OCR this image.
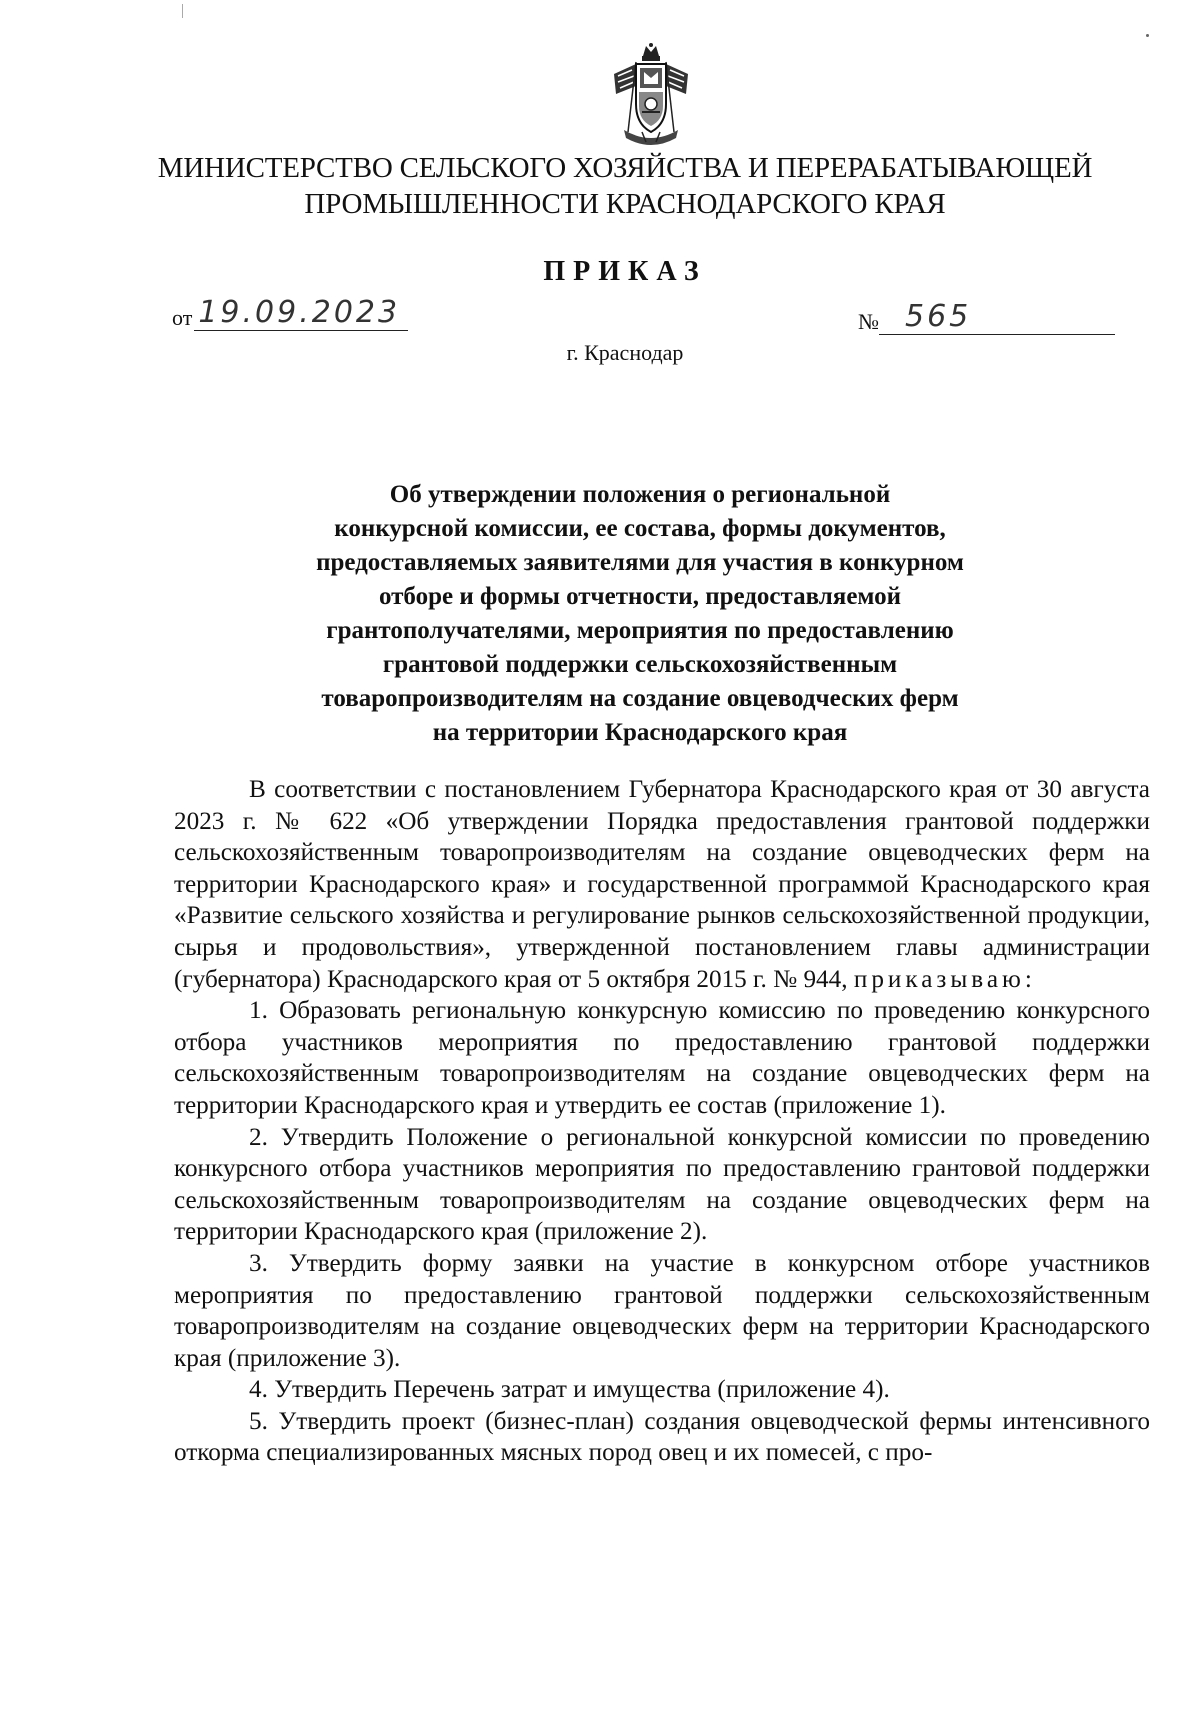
МИНИСТЕРСТВО СЕЛЬСКОГО ХОЗЯЙСТВА И ПЕРЕРАБАТЫВАЮЩЕЙ
ПРОМЫШЛЕННОСТИ КРАСНОДАРСКОГО КРАЯ
ПРИКАЗ
от 19.09.2023	№ 565
г. Краснодар
Об утверждении положения о региональной
конкурсной комиссии, ее состава, формы документов,
предоставляемых заявителями для участия в конкурном
отборе и формы отчетности, предоставляемой
грантополучателями, мероприятия по предоставлению
грантовой поддержки сельскохозяйственным
товаропроизводителям на создание овцеводческих ферм
на территории Краснодарского края

В соответствии с постановлением Губернатора Краснодарского края от 30 августа 2023 г. № 622 «Об утверждении Порядка предоставления грантовой поддержки сельскохозяйственным товаропроизводителям на создание овцеводческих ферм на территории Краснодарского края» и государственной программой Краснодарского края «Развитие сельского хозяйства и регулирование рынков сельскохозяйственной продукции, сырья и продовольствия», утвержденной постановлением главы администрации (губернатора) Краснодарского края от 5 октября 2015 г. № 944, приказываю:

1. Образовать региональную конкурсную комиссию по проведению конкурсного отбора участников мероприятия по предоставлению грантовой поддержки сельскохозяйственным товаропроизводителям на создание овцеводческих ферм на территории Краснодарского края и утвердить ее состав (приложение 1).

2. Утвердить Положение о региональной конкурсной комиссии по проведению конкурсного отбора участников мероприятия по предоставлению грантовой поддержки сельскохозяйственным товаропроизводителям на создание овцеводческих ферм на территории Краснодарского края (приложение 2).

3. Утвердить форму заявки на участие в конкурсном отборе участников мероприятия по предоставлению грантовой поддержки сельскохозяйственным товаропроизводителям на создание овцеводческих ферм на территории Краснодарского края (приложение 3).

4. Утвердить Перечень затрат и имущества (приложение 4).

5. Утвердить проект (бизнес-план) создания овцеводческой фермы интенсивного откорма специализированных мясных пород овец и их помесей, с про-
